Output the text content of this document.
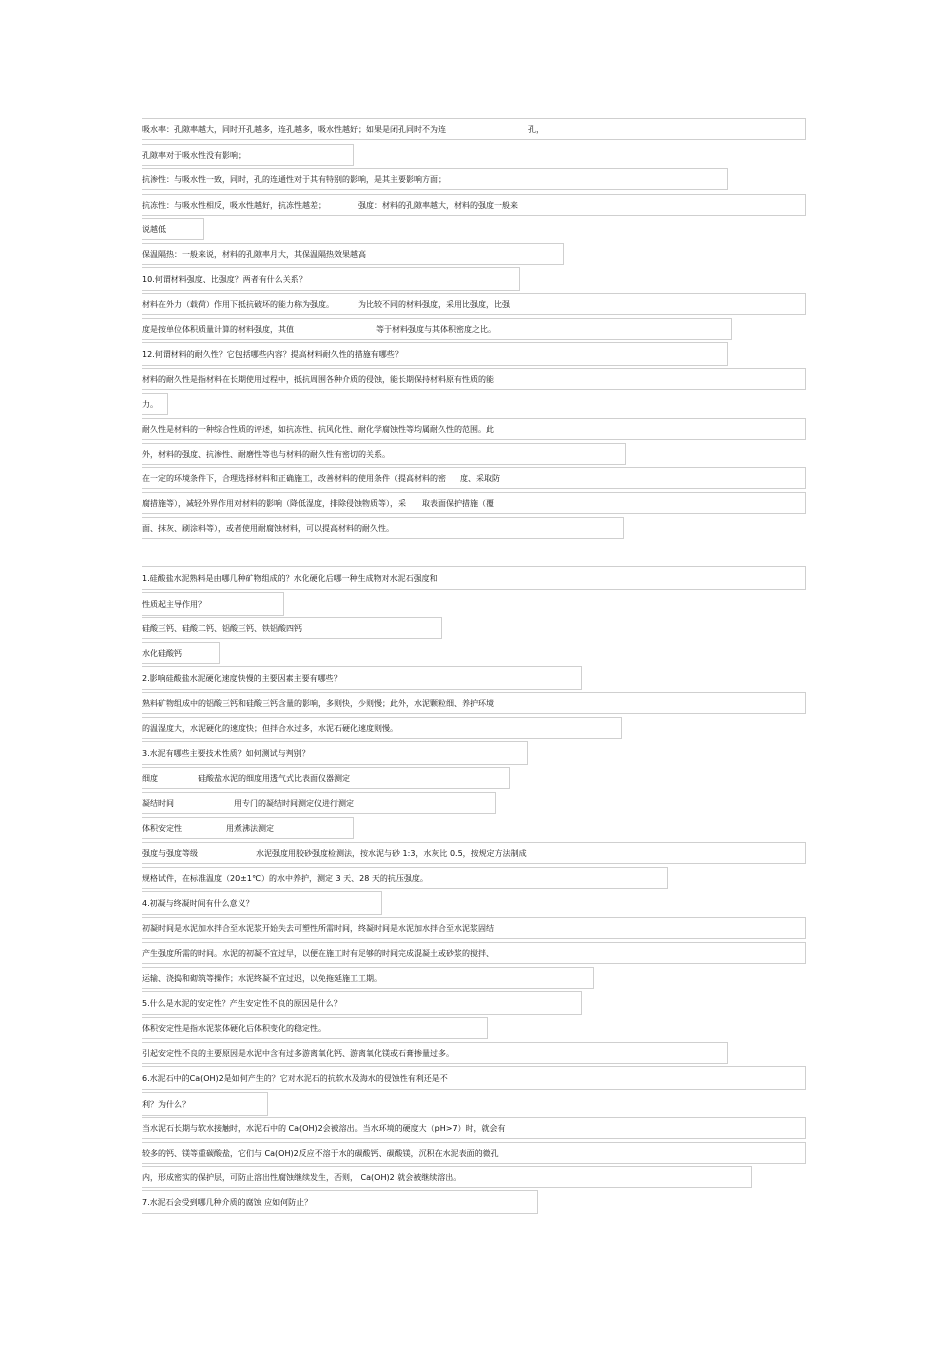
吸水率：孔隙率越大，同时开孔越多，连孔越多，吸水性越好；如果是闭孔同时不为连	孔，
孔隙率对于吸水性没有影响；
抗渗性：与吸水性一致，同时，孔的连通性对于其有特别的影响，是其主要影响方面；
抗冻性：与吸水性相反，吸水性越好，抗冻性越差；	强度：材料的孔隙率越大，材料的强度一般来
说越低
保温隔热：一般来说，材料的孔隙率月大，其保温隔热效果越高
10.何谓材料强度、比强度？两者有什么关系？
材料在外力（载荷）作用下抵抗破坏的能力称为强度。	为比较不同的材料强度，采用比强度，比强
度是按单位体积质量计算的材料强度，其值	等于材料强度与其体积密度之比。
12.何谓材料的耐久性？它包括哪些内容？提高材料耐久性的措施有哪些？
材料的耐久性是指材料在长期使用过程中，抵抗周围各种介质的侵蚀，能长期保持材料原有性质的能
力。
耐久性是材料的一种综合性质的评述，如抗冻性、抗风化性、耐化学腐蚀性等均属耐久性的范围。此
外，材料的强度、抗渗性、耐磨性等也与材料的耐久性有密切的关系。
在一定的环境条件下，合理选择材料和正确施工，改善材料的使用条件（提高材料的密 度、采取防
腐措施等），减轻外界作用对材料的影响（降低湿度，排除侵蚀物质等），采 取表面保护措施（覆
面、抹灰、刷涂料等），或者使用耐腐蚀材料，可以提高材料的耐久性。
1.硅酸盐水泥熟料是由哪几种矿物组成的？水化硬化后哪一种生成物对水泥石强度和
性质起主导作用？
硅酸三钙、硅酸二钙、铝酸三钙、铁铝酸四钙
水化硅酸钙
2.影响硅酸盐水泥硬化速度快慢的主要因素主要有哪些？
熟料矿物组成中的铝酸三钙和硅酸三钙含量的影响，多则快，少则慢；此外，水泥颗粒细、养护环境
的温湿度大，水泥硬化的速度快；但拌合水过多，水泥石硬化速度则慢。
3.水泥有哪些主要技术性质？如何测试与判别？
细度	硅酸盐水泥的细度用透气式比表面仪器测定
凝结时间	用专门的凝结时间测定仪进行测定
体积安定性	用煮沸法测定
强度与强度等级	水泥强度用胶砂强度检测法，按水泥与砂 1:3，水灰比 0.5，按规定方法制成
规格试件，在标准温度（20±1℃）的水中养护，测定 3 天、28 天的抗压强度。
4.初凝与终凝时间有什么意义？
初凝时间是水泥加水拌合至水泥浆开始失去可塑性所需时间，终凝时间是水泥加水拌合至水泥浆固结
产生强度所需的时间。水泥的初凝不宜过早，以便在施工时有足够的时间完成混凝土或砂浆的搅拌、
运输、浇捣和砌筑等操作；水泥终凝不宜过迟，以免拖延施工工期。
5.什么是水泥的安定性？产生安定性不良的原因是什么？
体积安定性是指水泥浆体硬化后体积变化的稳定性。
引起安定性不良的主要原因是水泥中含有过多游离氧化钙、游离氧化镁或石膏掺量过多。
6.水泥石中的Ca(OH)2是如何产生的？它对水泥石的抗软水及海水的侵蚀性有利还是不
利？为什么？
当水泥石长期与软水接触时，水泥石中的 Ca(OH)2会被溶出。当水环境的硬度大（pH>7）时，就会有
较多的钙、镁等重碳酸盐，它们与 Ca(OH)2反应不溶于水的碳酸钙、碳酸镁，沉积在水泥表面的微孔
内，形成密实的保护层，可防止溶出性腐蚀继续发生，否则， Ca(OH)2 就会被继续溶出。
7.水泥石会受到哪几种介质的腐蚀 应如何防止？
